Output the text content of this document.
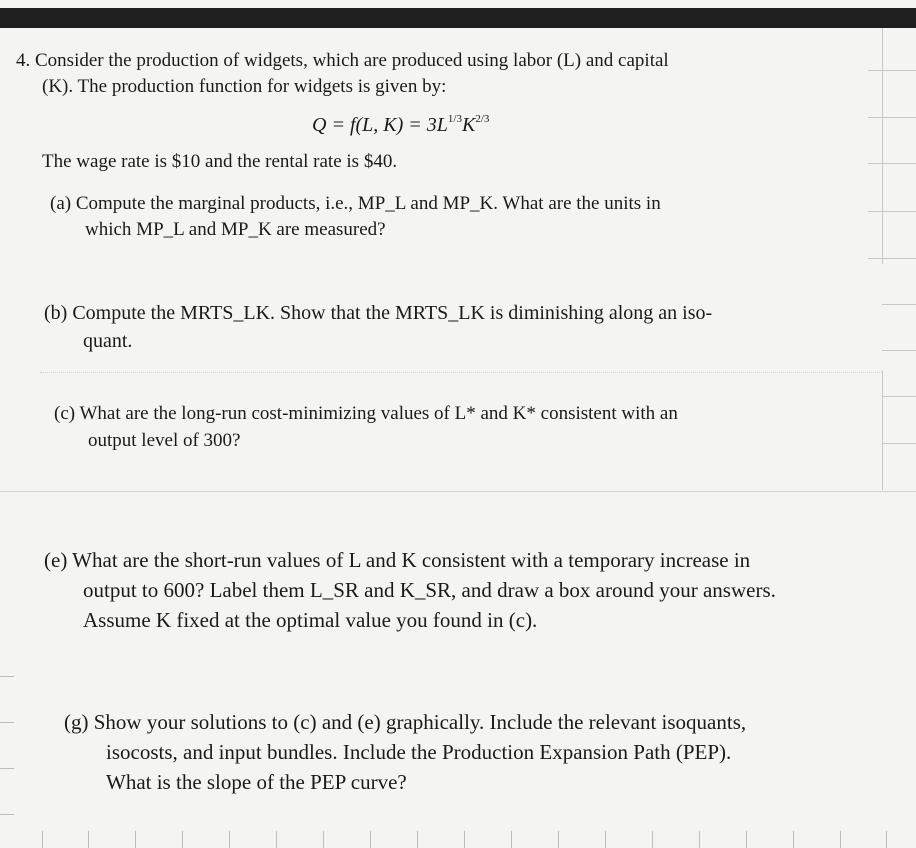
4. Consider the production of widgets, which are produced using labor (L) and capital
(K). The production function for widgets is given by:
Q = f(L, $K) = 3L^{1/3}K^{2/3}$
The wage rate is $10 and the rental rate is $40.
(a) Compute the marginal products, i.e., MP_L and MP_K. What are the units in
which MP_L and MP_K are measured?
(b) Compute the MRTS_LK. Show that the MRTS_LK is diminishing along an iso-
quant.
(c) What are the long-run cost-minimizing values of L* and K* consistent with an
output level of 300?
(e) What are the short-run values of L and K consistent with a temporary increase in
output to 600? Label them L_SR and K_SR, and draw a box around your answers.
Assume K fixed at the optimal value you found in (c).
(g) Show your solutions to (c) and (e) graphically. Include the relevant isoquants,
isocosts, and input bundles. Include the Production Expansion Path (PEP).
What is the slope of the PEP curve?
